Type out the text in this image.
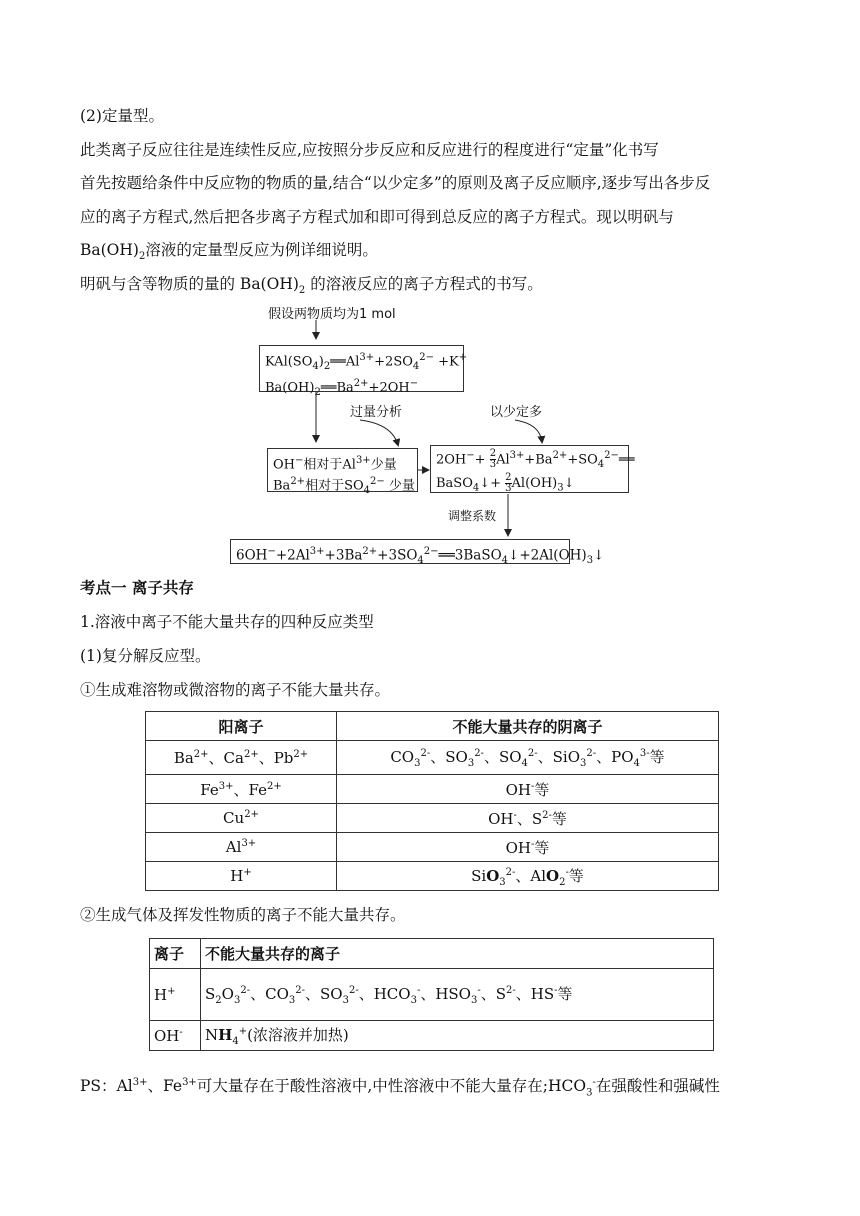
(2)定量型。
此类离子反应往往是连续性反应,应按照分步反应和反应进行的程度进行“定量”化书写
首先按题给条件中反应物的物质的量,结合“以少定多”的原则及离子反应顺序,逐步写出各步反
应的离子方程式,然后把各步离子方程式加和即可得到总反应的离子方程式。现以明矾与
$Ba(OH)_2$溶液的定量型反应为例详细说明。
明矾与含等物质的量的 $Ba(OH)_2$ 的溶液反应的离子方程式的书写。
假设两物质均为1 mol
$KAl(SO_4)_2══Al^{3+}+2SO_4^{2-} +K^+$
$Ba(OH)_2══Ba^{2+}+2OH^-$
过量分析	以少定多
OH−相对于$Al^{3+}$少量
$Ba^{2+}$相对于$SO_4^{2-}$ 少量
$2OH^-+ \frac{2}{3}$ $Al^{3+}+Ba^{2+}+SO_4^{2-}══$
BaSO$_4$↓+ $\frac{2}{3}$ $Al(OH)_3↓$
调整系数
$6OH^-+2Al^{3+}+3Ba^{2+}+3SO_4^{2-}══3BaSO_4↓+2Al(OH)_3↓$
考点一 离子共存
1.溶液中离子不能大量共存的四种反应类型
(1)复分解反应型。
①生成难溶物或微溶物的离子不能大量共存。
阳离子	不能大量共存的阴离子
$Ba^{2+}$、$Ca^{2+}$、$Pb^{2+}$	$CO_3^{2-}$、$SO_3^{2-}$、$SO_4^{2-}$、SiO$_3^{2-}$、$PO_4^{3-}$等
$Fe^{3+}$、$Fe^{2+}$	OH-等
$Cu^{2+}$	OH-、$S^{2-}$等
$Al^{3+}$	OH-等
H+	SiO$_3^{2-}$、AlO$_2$-等
②生成气体及挥发性物质的离子不能大量共存。
离子	不能大量共存的离子
H+	$S_2O_3^{2-}$、$CO_3^{2-}$、$SO_3^{2-}$、$HCO_3^-$、$HSO_3^-$、$S^{2-}$、HS-等
OH-	$NH_4^+$(浓溶液并加热)
PS：$Al^{3+}$、$Fe^{3+}$可大量存在于酸性溶液中,中性溶液中不能大量存在$;HCO_3^-$在强酸性和强碱性
